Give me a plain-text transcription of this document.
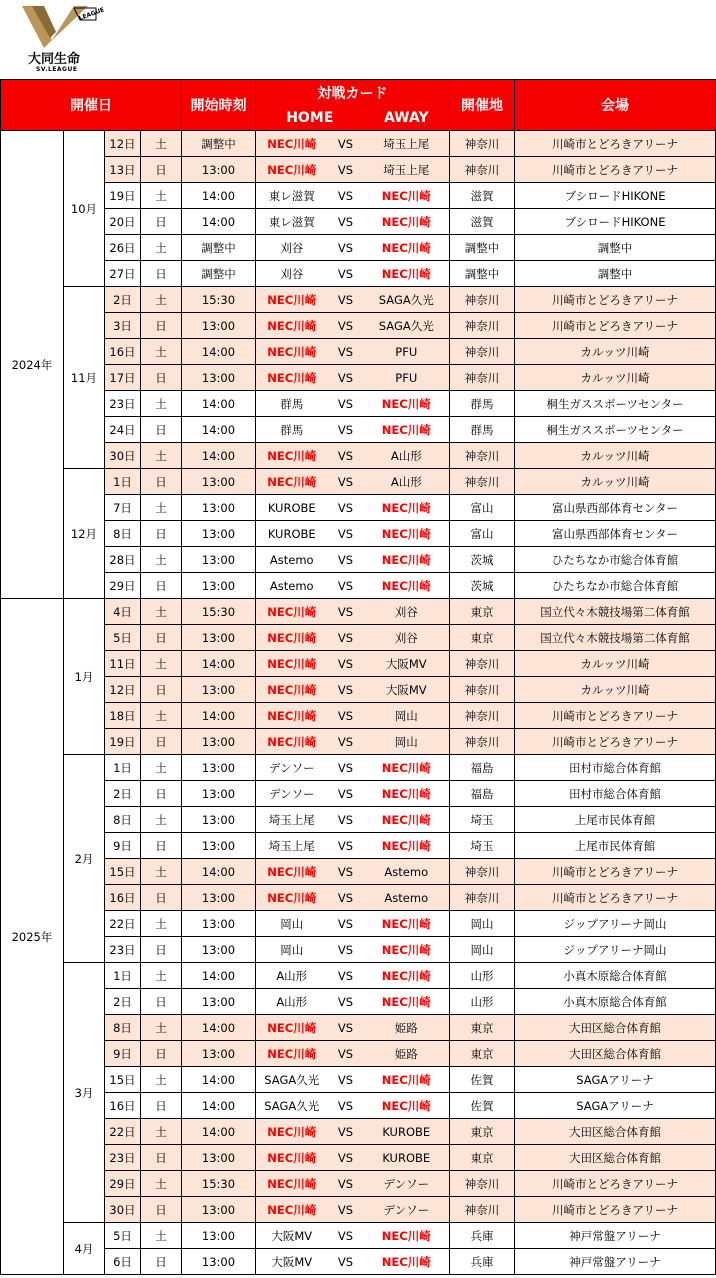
LEAGUE
大同生命
SV.LEAGUE
開催日				開始時刻	対戦カード			開催地	会場
					HOME		AWAY		
2024年	10月	12日	土	調整中	NEC川崎	VS	埼玉上尾	神奈川	川崎市とどろきアリーナ
		13日	日	13:00	NEC川崎	VS	埼玉上尾	神奈川	川崎市とどろきアリーナ
		19日	土	14:00	東レ滋賀	VS	NEC川崎	滋賀	ブシロードHIKONE
		20日	日	14:00	東レ滋賀	VS	NEC川崎	滋賀	ブシロードHIKONE
		26日	土	調整中	刈谷	VS	NEC川崎	調整中	調整中
		27日	日	調整中	刈谷	VS	NEC川崎	調整中	調整中
	11月	2日	土	15:30	NEC川崎	VS	SAGA久光	神奈川	川崎市とどろきアリーナ
		3日	日	13:00	NEC川崎	VS	SAGA久光	神奈川	川崎市とどろきアリーナ
		16日	土	14:00	NEC川崎	VS	PFU	神奈川	カルッツ川崎
		17日	日	13:00	NEC川崎	VS	PFU	神奈川	カルッツ川崎
		23日	土	14:00	群馬	VS	NEC川崎	群馬	桐生ガススポーツセンター
		24日	日	14:00	群馬	VS	NEC川崎	群馬	桐生ガススポーツセンター
		30日	土	14:00	NEC川崎	VS	A山形	神奈川	カルッツ川崎
	12月	1日	日	13:00	NEC川崎	VS	A山形	神奈川	カルッツ川崎
		7日	土	13:00	KUROBE	VS	NEC川崎	富山	富山県西部体育センター
		8日	日	13:00	KUROBE	VS	NEC川崎	富山	富山県西部体育センター
		28日	土	13:00	Astemo	VS	NEC川崎	茨城	ひたちなか市総合体育館
		29日	日	13:00	Astemo	VS	NEC川崎	茨城	ひたちなか市総合体育館
2025年	1月	4日	土	15:30	NEC川崎	VS	刈谷	東京	国立代々木競技場第二体育館
		5日	日	13:00	NEC川崎	VS	刈谷	東京	国立代々木競技場第二体育館
		11日	土	14:00	NEC川崎	VS	大阪MV	神奈川	カルッツ川崎
		12日	日	13:00	NEC川崎	VS	大阪MV	神奈川	カルッツ川崎
		18日	土	14:00	NEC川崎	VS	岡山	神奈川	川崎市とどろきアリーナ
		19日	日	13:00	NEC川崎	VS	岡山	神奈川	川崎市とどろきアリーナ
	2月	1日	土	13:00	デンソー	VS	NEC川崎	福島	田村市総合体育館
		2日	日	13:00	デンソー	VS	NEC川崎	福島	田村市総合体育館
		8日	土	13:00	埼玉上尾	VS	NEC川崎	埼玉	上尾市民体育館
		9日	日	13:00	埼玉上尾	VS	NEC川崎	埼玉	上尾市民体育館
		15日	土	14:00	NEC川崎	VS	Astemo	神奈川	川崎市とどろきアリーナ
		16日	日	13:00	NEC川崎	VS	Astemo	神奈川	川崎市とどろきアリーナ
		22日	土	13:00	岡山	VS	NEC川崎	岡山	ジップアリーナ岡山
		23日	日	13:00	岡山	VS	NEC川崎	岡山	ジップアリーナ岡山
	3月	1日	土	14:00	A山形	VS	NEC川崎	山形	小真木原総合体育館
		2日	日	13:00	A山形	VS	NEC川崎	山形	小真木原総合体育館
		8日	土	14:00	NEC川崎	VS	姫路	東京	大田区総合体育館
		9日	日	13:00	NEC川崎	VS	姫路	東京	大田区総合体育館
		15日	土	14:00	SAGA久光	VS	NEC川崎	佐賀	SAGAアリーナ
		16日	日	14:00	SAGA久光	VS	NEC川崎	佐賀	SAGAアリーナ
		22日	土	14:00	NEC川崎	VS	KUROBE	東京	大田区総合体育館
		23日	日	13:00	NEC川崎	VS	KUROBE	東京	大田区総合体育館
		29日	土	15:30	NEC川崎	VS	デンソー	神奈川	川崎市とどろきアリーナ
		30日	日	13:00	NEC川崎	VS	デンソー	神奈川	川崎市とどろきアリーナ
	4月	5日	土	13:00	大阪MV	VS	NEC川崎	兵庫	神戸常盤アリーナ
		6日	日	13:00	大阪MV	VS	NEC川崎	兵庫	神戸常盤アリーナ
